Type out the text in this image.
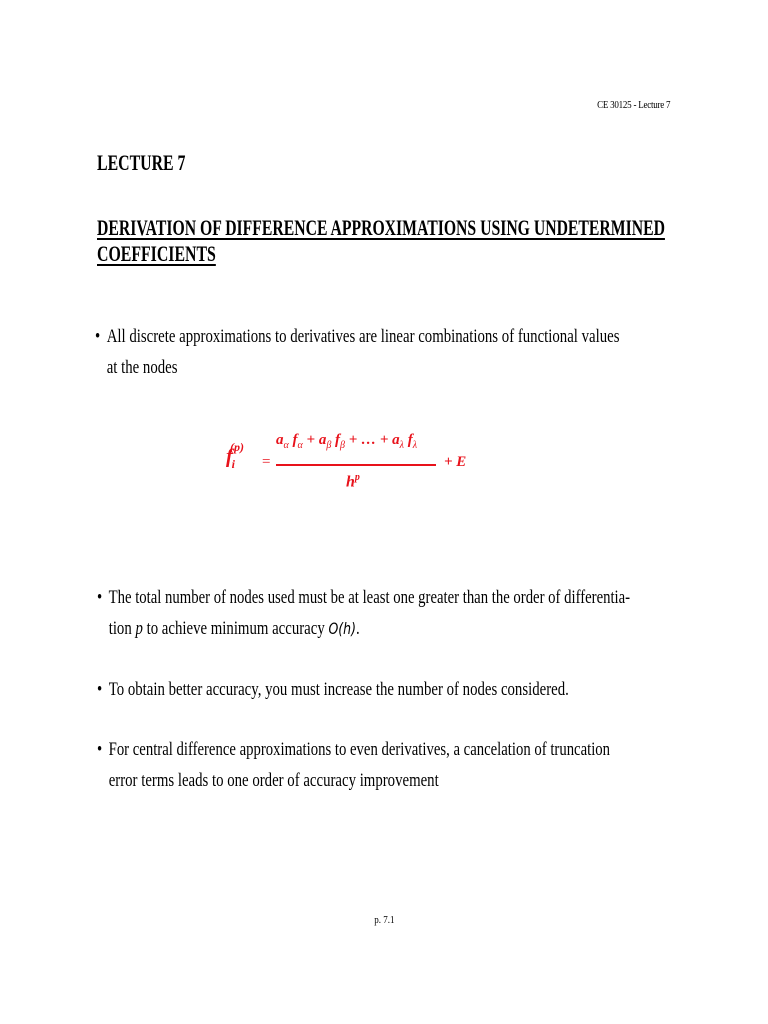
CE 30125 - Lecture 7
LECTURE 7
DERIVATION OF DIFFERENCE APPROXIMATIONS USING UNDETERMINED
COEFFICIENTS
• All discrete approximations to derivatives are linear combinations of functional values
at the nodes
$f_i^{(p)}$
=
$a_\alpha$ $f_\alpha + a_\beta$ $f_\beta$ + … + $a_\lambda$ $f_\lambda$
$h^p$
+ E
• The total number of nodes used must be at least one greater than the order of differentia-
tion p to achieve minimum accuracy O(h).
• To obtain better accuracy, you must increase the number of nodes considered.
• For central difference approximations to even derivatives, a cancelation of truncation
error terms leads to one order of accuracy improvement
p. 7.1
